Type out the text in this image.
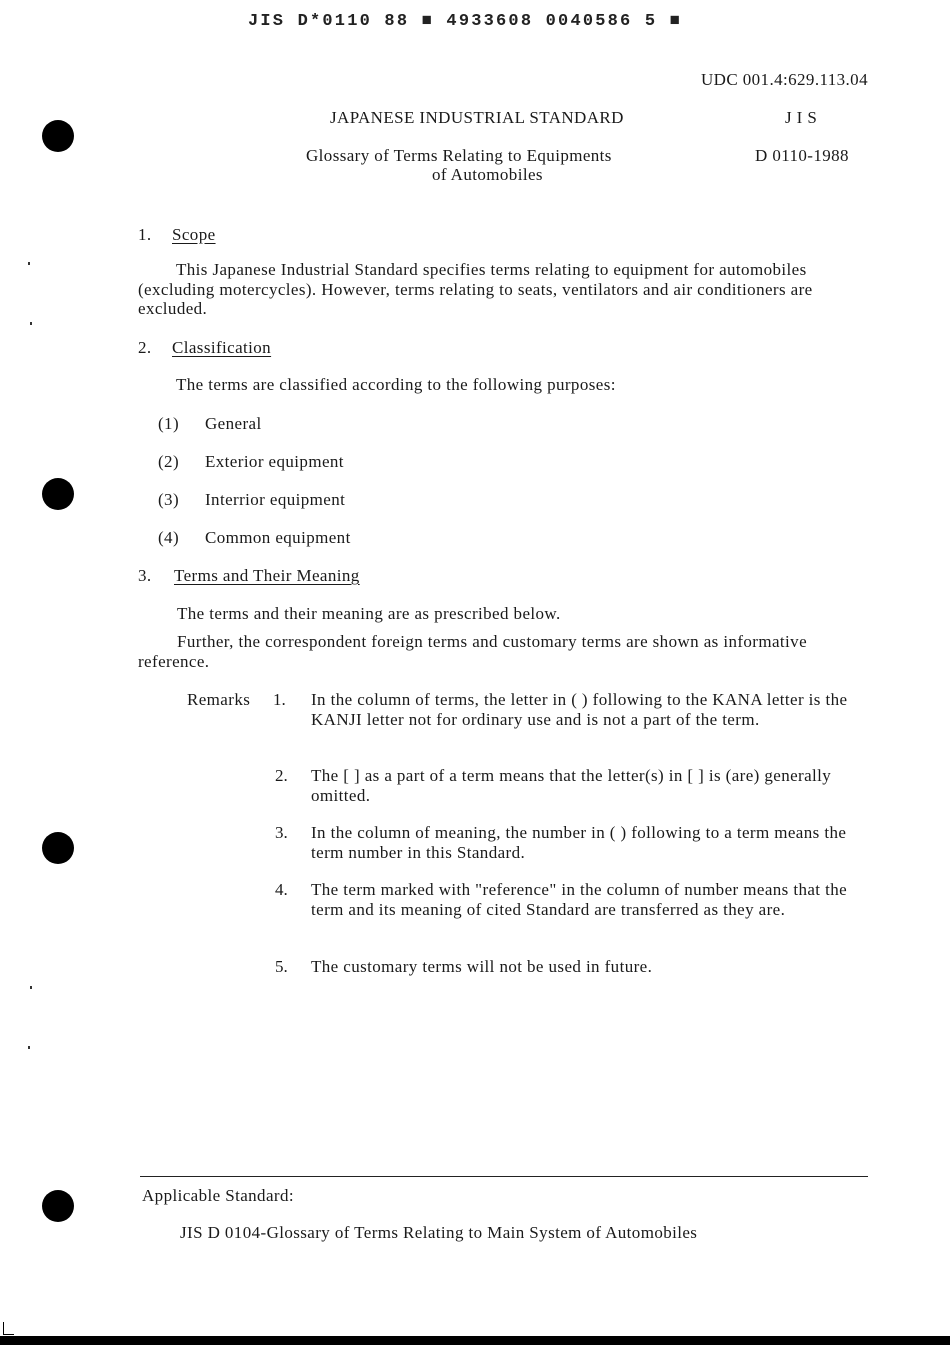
JIS D*0110 88 ■ 4933608 0040586 5 ■
UDC 001.4:629.113.04
JAPANESE INDUSTRIAL STANDARD	J I S
Glossary of Terms Relating to Equipments
of Automobiles
D 0110-1988
1. Scope
This Japanese Industrial Standard specifies terms relating to equipment for automobiles (excluding motercycles). However, terms relating to seats, ventilators and air conditioners are excluded.
2. Classification
The terms are classified according to the following purposes:
(1) General
(2) Exterior equipment
(3) Interrior equipment
(4) Common equipment
3. Terms and Their Meaning
The terms and their meaning are as prescribed below.
Further, the correspondent foreign terms and customary terms are shown as informative reference.
Remarks 1. In the column of terms, the letter in ( ) following to the KANA letter is the KANJI letter not for ordinary use and is not a part of the term.
2. The [ ] as a part of a term means that the letter(s) in [ ] is (are) generally omitted.
3. In the column of meaning, the number in ( ) following to a term means the term number in this Standard.
4. The term marked with "reference" in the column of number means that the term and its meaning of cited Standard are transferred as they are.
5. The customary terms will not be used in future.
Applicable Standard:
JIS D 0104-Glossary of Terms Relating to Main System of Automobiles
